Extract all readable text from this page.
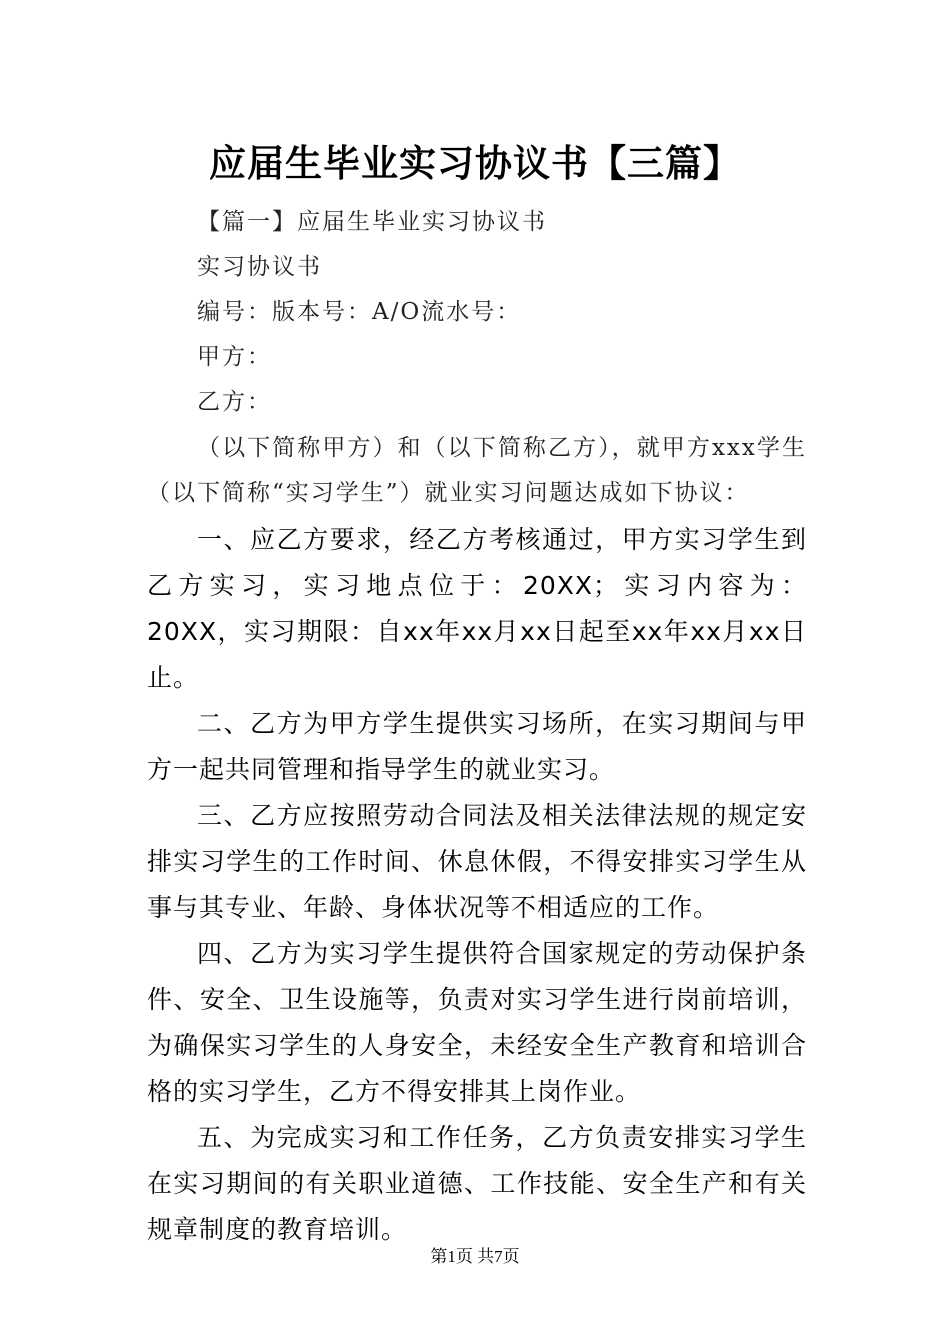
应届生毕业实习协议书【三篇】

【篇一】应届生毕业实习协议书

实习协议书

编号：版本号：A/O流水号：

甲方：

乙方：

（以下简称甲方）和（以下简称乙方），就甲方xxx学生（以下简称“实习学生”）就业实习问题达成如下协议：

一、应乙方要求，经乙方考核通过，甲方实习学生到乙方实习，实习地点位于：20XX；实习内容为：20XX，实习期限：自xx年xx月xx日起至xx年xx月xx日止。

二、乙方为甲方学生提供实习场所，在实习期间与甲方一起共同管理和指导学生的就业实习。

三、乙方应按照劳动合同法及相关法律法规的规定安排实习学生的工作时间、休息休假，不得安排实习学生从事与其专业、年龄、身体状况等不相适应的工作。

四、乙方为实习学生提供符合国家规定的劳动保护条件、安全、卫生设施等，负责对实习学生进行岗前培训，为确保实习学生的人身安全，未经安全生产教育和培训合格的实习学生，乙方不得安排其上岗作业。

五、为完成实习和工作任务，乙方负责安排实习学生在实习期间的有关职业道德、工作技能、安全生产和有关规章制度的教育培训。

第1页 共7页
